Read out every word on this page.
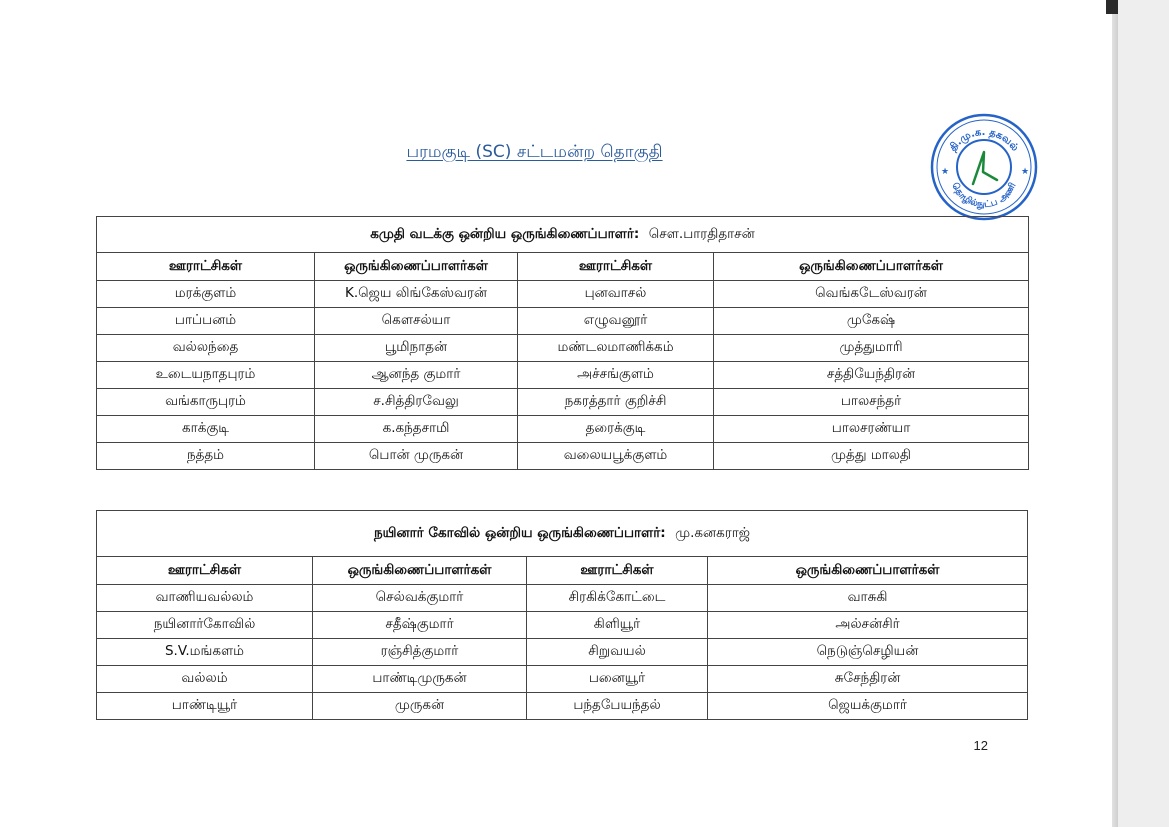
பரமகுடி (SC) சட்டமன்ற தொகுதி	தி.மு.க. தகவல்
தொழில்நுட்ப அணி
★	★
கமுதி வடக்கு ஒன்றிய ஒருங்கிணைப்பாளர்: சௌ.பாரதிதாசன்			
ஊராட்சிகள்	ஒருங்கிணைப்பாளர்கள்	ஊராட்சிகள்	ஒருங்கிணைப்பாளர்கள்
மரக்குளம்	K.ஜெய லிங்கேஸ்வரன்	புனவாசல்	வெங்கடேஸ்வரன்
பாப்பனம்	கௌசல்யா	எழுவனூர்	முகேஷ்
வல்லந்தை	பூமிநாதன்	மண்டலமாணிக்கம்	முத்துமாரி
உடையநாதபுரம்	ஆனந்த குமார்	அச்சங்குளம்	சத்தியேந்திரன்
வங்காருபுரம்	ச.சித்திரவேலு	நகரத்தார் குறிச்சி	பாலசந்தர்
காக்குடி	க.கந்தசாமி	தரைக்குடி	பாலசரண்யா
நத்தம்	பொன் முருகன்	வலையபூக்குளம்	முத்து மாலதி
நயினார் கோவில் ஒன்றிய ஒருங்கிணைப்பாளர்: மு.கனகராஜ்			
ஊராட்சிகள்	ஒருங்கிணைப்பாளர்கள்	ஊராட்சிகள்	ஒருங்கிணைப்பாளர்கள்
வாணியவல்லம்	செல்வக்குமார்	சிரகிக்கோட்டை	வாசுகி
நயினார்கோவில்	சதீஷ்குமார்	கிளியூர்	அல்சன்சிர்
S.V.மங்களம்	ரஞ்சித்குமார்	சிறுவயல்	நெடுஞ்செழியன்
வல்லம்	பாண்டிமுருகன்	பனையூர்	சுசேந்திரன்
பாண்டியூர்	முருகன்	பந்தபேயந்தல்	ஜெயக்குமார்
12
